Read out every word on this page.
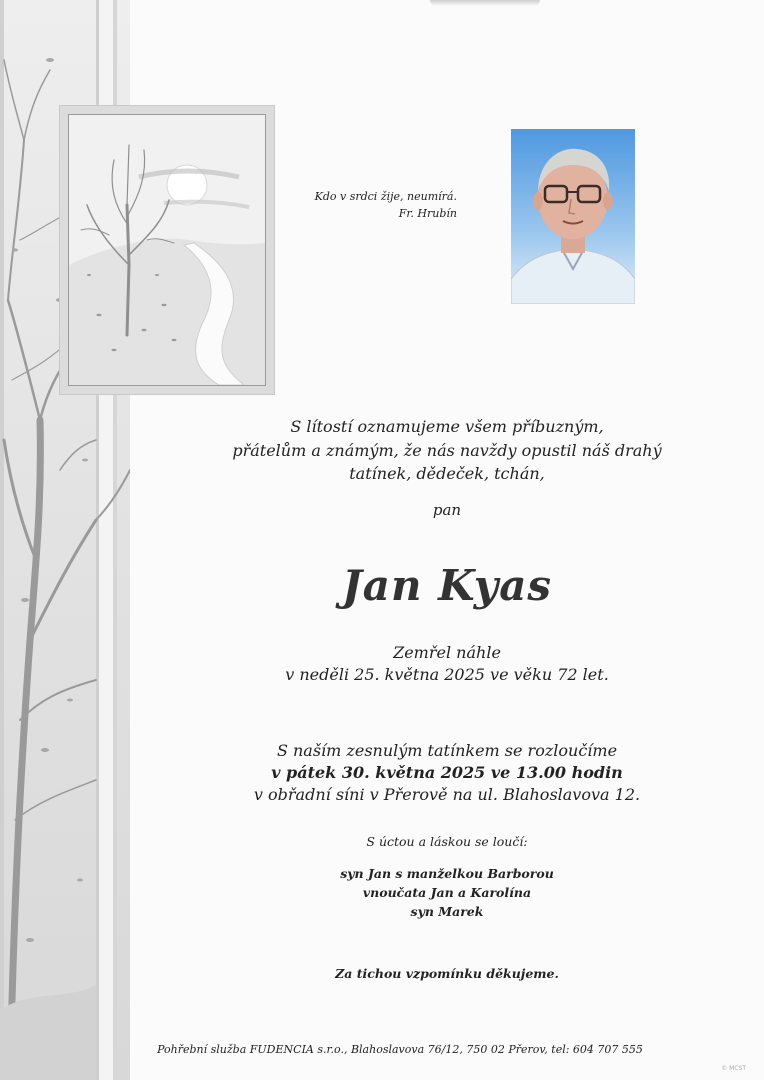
Kdo v srdci žije, neumírá.
Fr. Hrubín
S lítostí oznamujeme všem příbuzným,
přátelům a známým, že nás navždy opustil náš drahý
tatínek, dědeček, tchán,
pan
Jan Kyas
Zemřel náhle
v neděli 25. května 2025 ve věku 72 let.
S naším zesnulým tatínkem se rozloučíme
v pátek 30. května 2025 ve 13.00 hodin
v obřadní síni v Přerově na ul. Blahoslavova 12.
S úctou a láskou se loučí:
syn Jan s manželkou Barborou
vnoučata Jan a Karolína
syn Marek
Za tichou vzpomínku děkujeme.
Pohřební služba FUDENCIA s.r.o., Blahoslavova 76/12, 750 02 Přerov, tel: 604 707 555
© MCST
